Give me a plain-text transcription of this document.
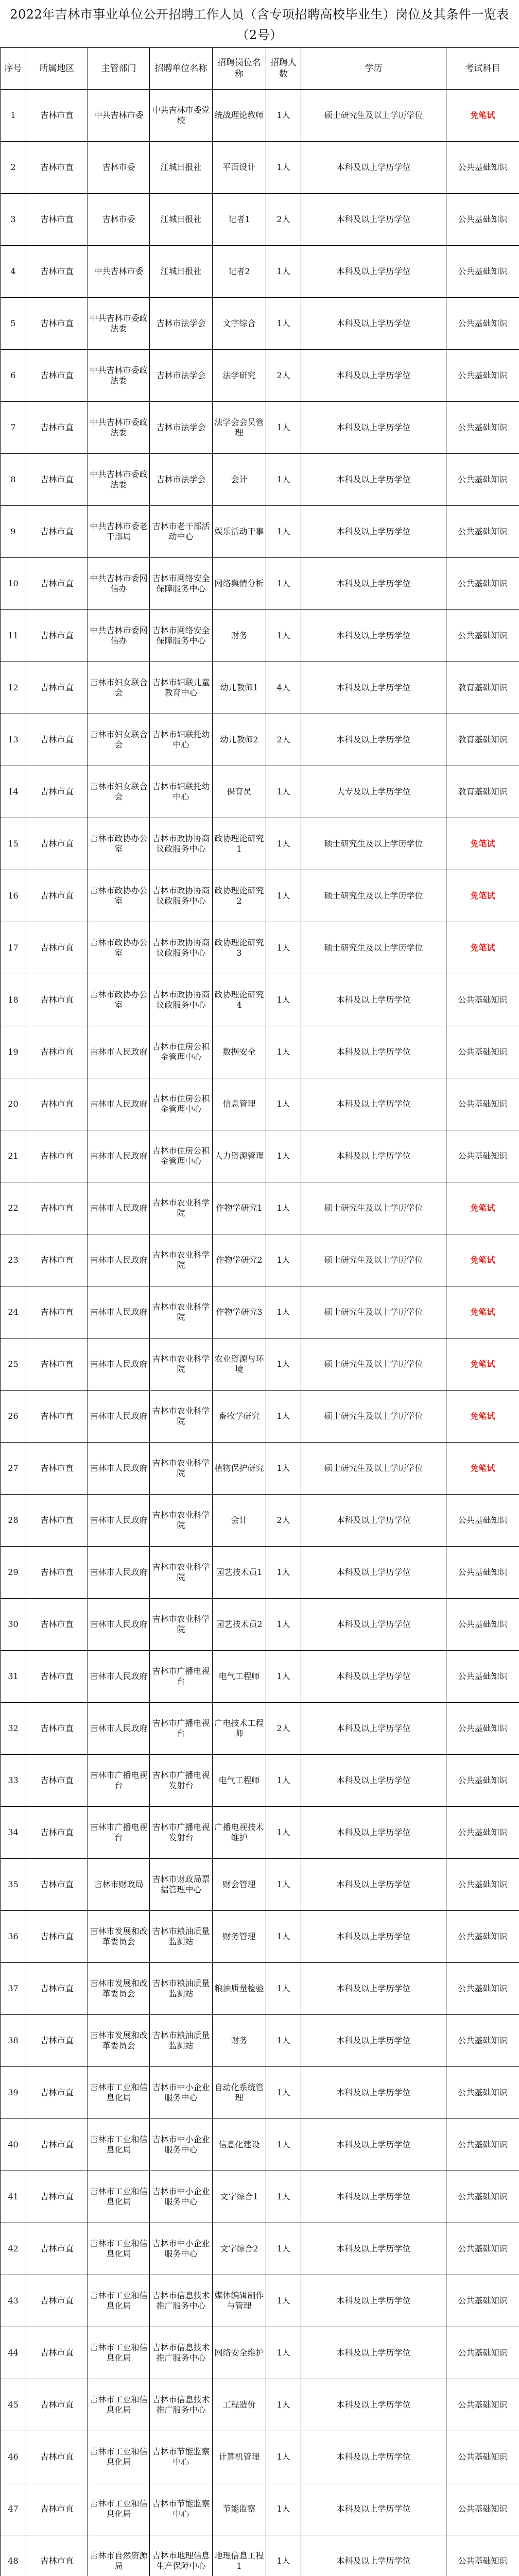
2022年吉林市事业单位公开招聘工作人员（含专项招聘高校毕业生）岗位及其条件一览表（2号）
序号	所属地区	主管部门	招聘单位名称	招聘岗位名称	招聘人数	学历	考试科目
1	吉林市直	中共吉林市委	中共吉林市委党校	统战理论教师	1人	硕士研究生及以上学历学位	免笔试
2	吉林市直	吉林市委	江城日报社	平面设计	1人	本科及以上学历学位	公共基础知识
3	吉林市直	吉林市委	江城日报社	记者1	2人	本科及以上学历学位	公共基础知识
4	吉林市直	中共吉林市委	江城日报社	记者2	1人	本科及以上学历学位	公共基础知识
5	吉林市直	中共吉林市委政法委	吉林市法学会	文字综合	1人	本科及以上学历学位	公共基础知识
6	吉林市直	中共吉林市委政法委	吉林市法学会	法学研究	2人	本科及以上学历学位	公共基础知识
7	吉林市直	中共吉林市委政法委	吉林市法学会	法学会会员管理	1人	本科及以上学历学位	公共基础知识
8	吉林市直	中共吉林市委政法委	吉林市法学会	会计	1人	本科及以上学历学位	公共基础知识
9	吉林市直	中共吉林市委老干部局	吉林市老干部活动中心	娱乐活动干事	1人	本科及以上学历学位	公共基础知识
10	吉林市直	中共吉林市委网信办	吉林市网络安全保障服务中心	网络舆情分析	1人	本科及以上学历学位	公共基础知识
11	吉林市直	中共吉林市委网信办	吉林市网络安全保障服务中心	财务	1人	本科及以上学历学位	公共基础知识
12	吉林市直	吉林市妇女联合会	吉林市妇联儿童教育中心	幼儿教师1	4人	本科及以上学历学位	教育基础知识
13	吉林市直	吉林市妇女联合会	吉林市妇联托幼中心	幼儿教师2	2人	本科及以上学历学位	教育基础知识
14	吉林市直	吉林市妇女联合会	吉林市妇联托幼中心	保育员	1人	大专及以上学历学位	教育基础知识
15	吉林市直	吉林市政协办公室	吉林市政协协商议政服务中心	政协理论研究1	1人	硕士研究生及以上学历学位	免笔试
16	吉林市直	吉林市政协办公室	吉林市政协协商议政服务中心	政协理论研究2	1人	硕士研究生及以上学历学位	免笔试
17	吉林市直	吉林市政协办公室	吉林市政协协商议政服务中心	政协理论研究3	1人	硕士研究生及以上学历学位	免笔试
18	吉林市直	吉林市政协办公室	吉林市政协协商议政服务中心	政协理论研究4	1人	本科及以上学历学位	公共基础知识
19	吉林市直	吉林市人民政府	吉林市住房公积金管理中心	数据安全	1人	本科及以上学历学位	公共基础知识
20	吉林市直	吉林市人民政府	吉林市住房公积金管理中心	信息管理	1人	本科及以上学历学位	公共基础知识
21	吉林市直	吉林市人民政府	吉林市住房公积金管理中心	人力资源管理	1人	本科及以上学历学位	公共基础知识
22	吉林市直	吉林市人民政府	吉林市农业科学院	作物学研究1	1人	硕士研究生及以上学历学位	免笔试
23	吉林市直	吉林市人民政府	吉林市农业科学院	作物学研究2	1人	硕士研究生及以上学历学位	免笔试
24	吉林市直	吉林市人民政府	吉林市农业科学院	作物学研究3	1人	硕士研究生及以上学历学位	免笔试
25	吉林市直	吉林市人民政府	吉林市农业科学院	农业资源与环境	1人	硕士研究生及以上学历学位	免笔试
26	吉林市直	吉林市人民政府	吉林市农业科学院	畜牧学研究	1人	硕士研究生及以上学历学位	免笔试
27	吉林市直	吉林市人民政府	吉林市农业科学院	植物保护研究	1人	硕士研究生及以上学历学位	免笔试
28	吉林市直	吉林市人民政府	吉林市农业科学院	会计	2人	本科及以上学历学位	公共基础知识
29	吉林市直	吉林市人民政府	吉林市农业科学院	园艺技术员1	1人	本科及以上学历学位	公共基础知识
30	吉林市直	吉林市人民政府	吉林市农业科学院	园艺技术员2	1人	本科及以上学历学位	公共基础知识
31	吉林市直	吉林市人民政府	吉林市广播电视台	电气工程师	1人	本科及以上学历学位	公共基础知识
32	吉林市直	吉林市人民政府	吉林市广播电视台	广电技术工程师	2人	本科及以上学历学位	公共基础知识
33	吉林市直	吉林市广播电视台	吉林市广播电视发射台	电气工程师	1人	本科及以上学历学位	公共基础知识
34	吉林市直	吉林市广播电视台	吉林市广播电视发射台	广播电视技术维护	1人	本科及以上学历学位	公共基础知识
35	吉林市直	吉林市财政局	吉林市财政局票据管理中心	财会管理	1人	本科及以上学历学位	公共基础知识
36	吉林市直	吉林市发展和改革委员会	吉林市粮油质量监测站	财务管理	1人	本科及以上学历学位	公共基础知识
37	吉林市直	吉林市发展和改革委员会	吉林市粮油质量监测站	粮油质量检验	1人	本科及以上学历学位	公共基础知识
38	吉林市直	吉林市发展和改革委员会	吉林市粮油质量监测站	财务	1人	本科及以上学历学位	公共基础知识
39	吉林市直	吉林市工业和信息化局	吉林市中小企业服务中心	自动化系统管理	1人	本科及以上学历学位	公共基础知识
40	吉林市直	吉林市工业和信息化局	吉林市中小企业服务中心	信息化建设	1人	本科及以上学历学位	公共基础知识
41	吉林市直	吉林市工业和信息化局	吉林市中小企业服务中心	文字综合1	1人	本科及以上学历学位	公共基础知识
42	吉林市直	吉林市工业和信息化局	吉林市中小企业服务中心	文字综合2	1人	本科及以上学历学位	公共基础知识
43	吉林市直	吉林市工业和信息化局	吉林市信息技术推广服务中心	媒体编辑制作与管理	1人	本科及以上学历学位	公共基础知识
44	吉林市直	吉林市工业和信息化局	吉林市信息技术推广服务中心	网络安全维护	1人	本科及以上学历学位	公共基础知识
45	吉林市直	吉林市工业和信息化局	吉林市信息技术推广服务中心	工程造价	1人	本科及以上学历学位	公共基础知识
46	吉林市直	吉林市工业和信息化局	吉林市节能监察中心	计算机管理	1人	本科及以上学历学位	公共基础知识
47	吉林市直	吉林市工业和信息化局	吉林市节能监察中心	节能监察	1人	本科及以上学历学位	公共基础知识
48	吉林市直	吉林市自然资源局	吉林市地理信息生产保障中心	地理信息工程1	1人	本科及以上学历学位	公共基础知识
